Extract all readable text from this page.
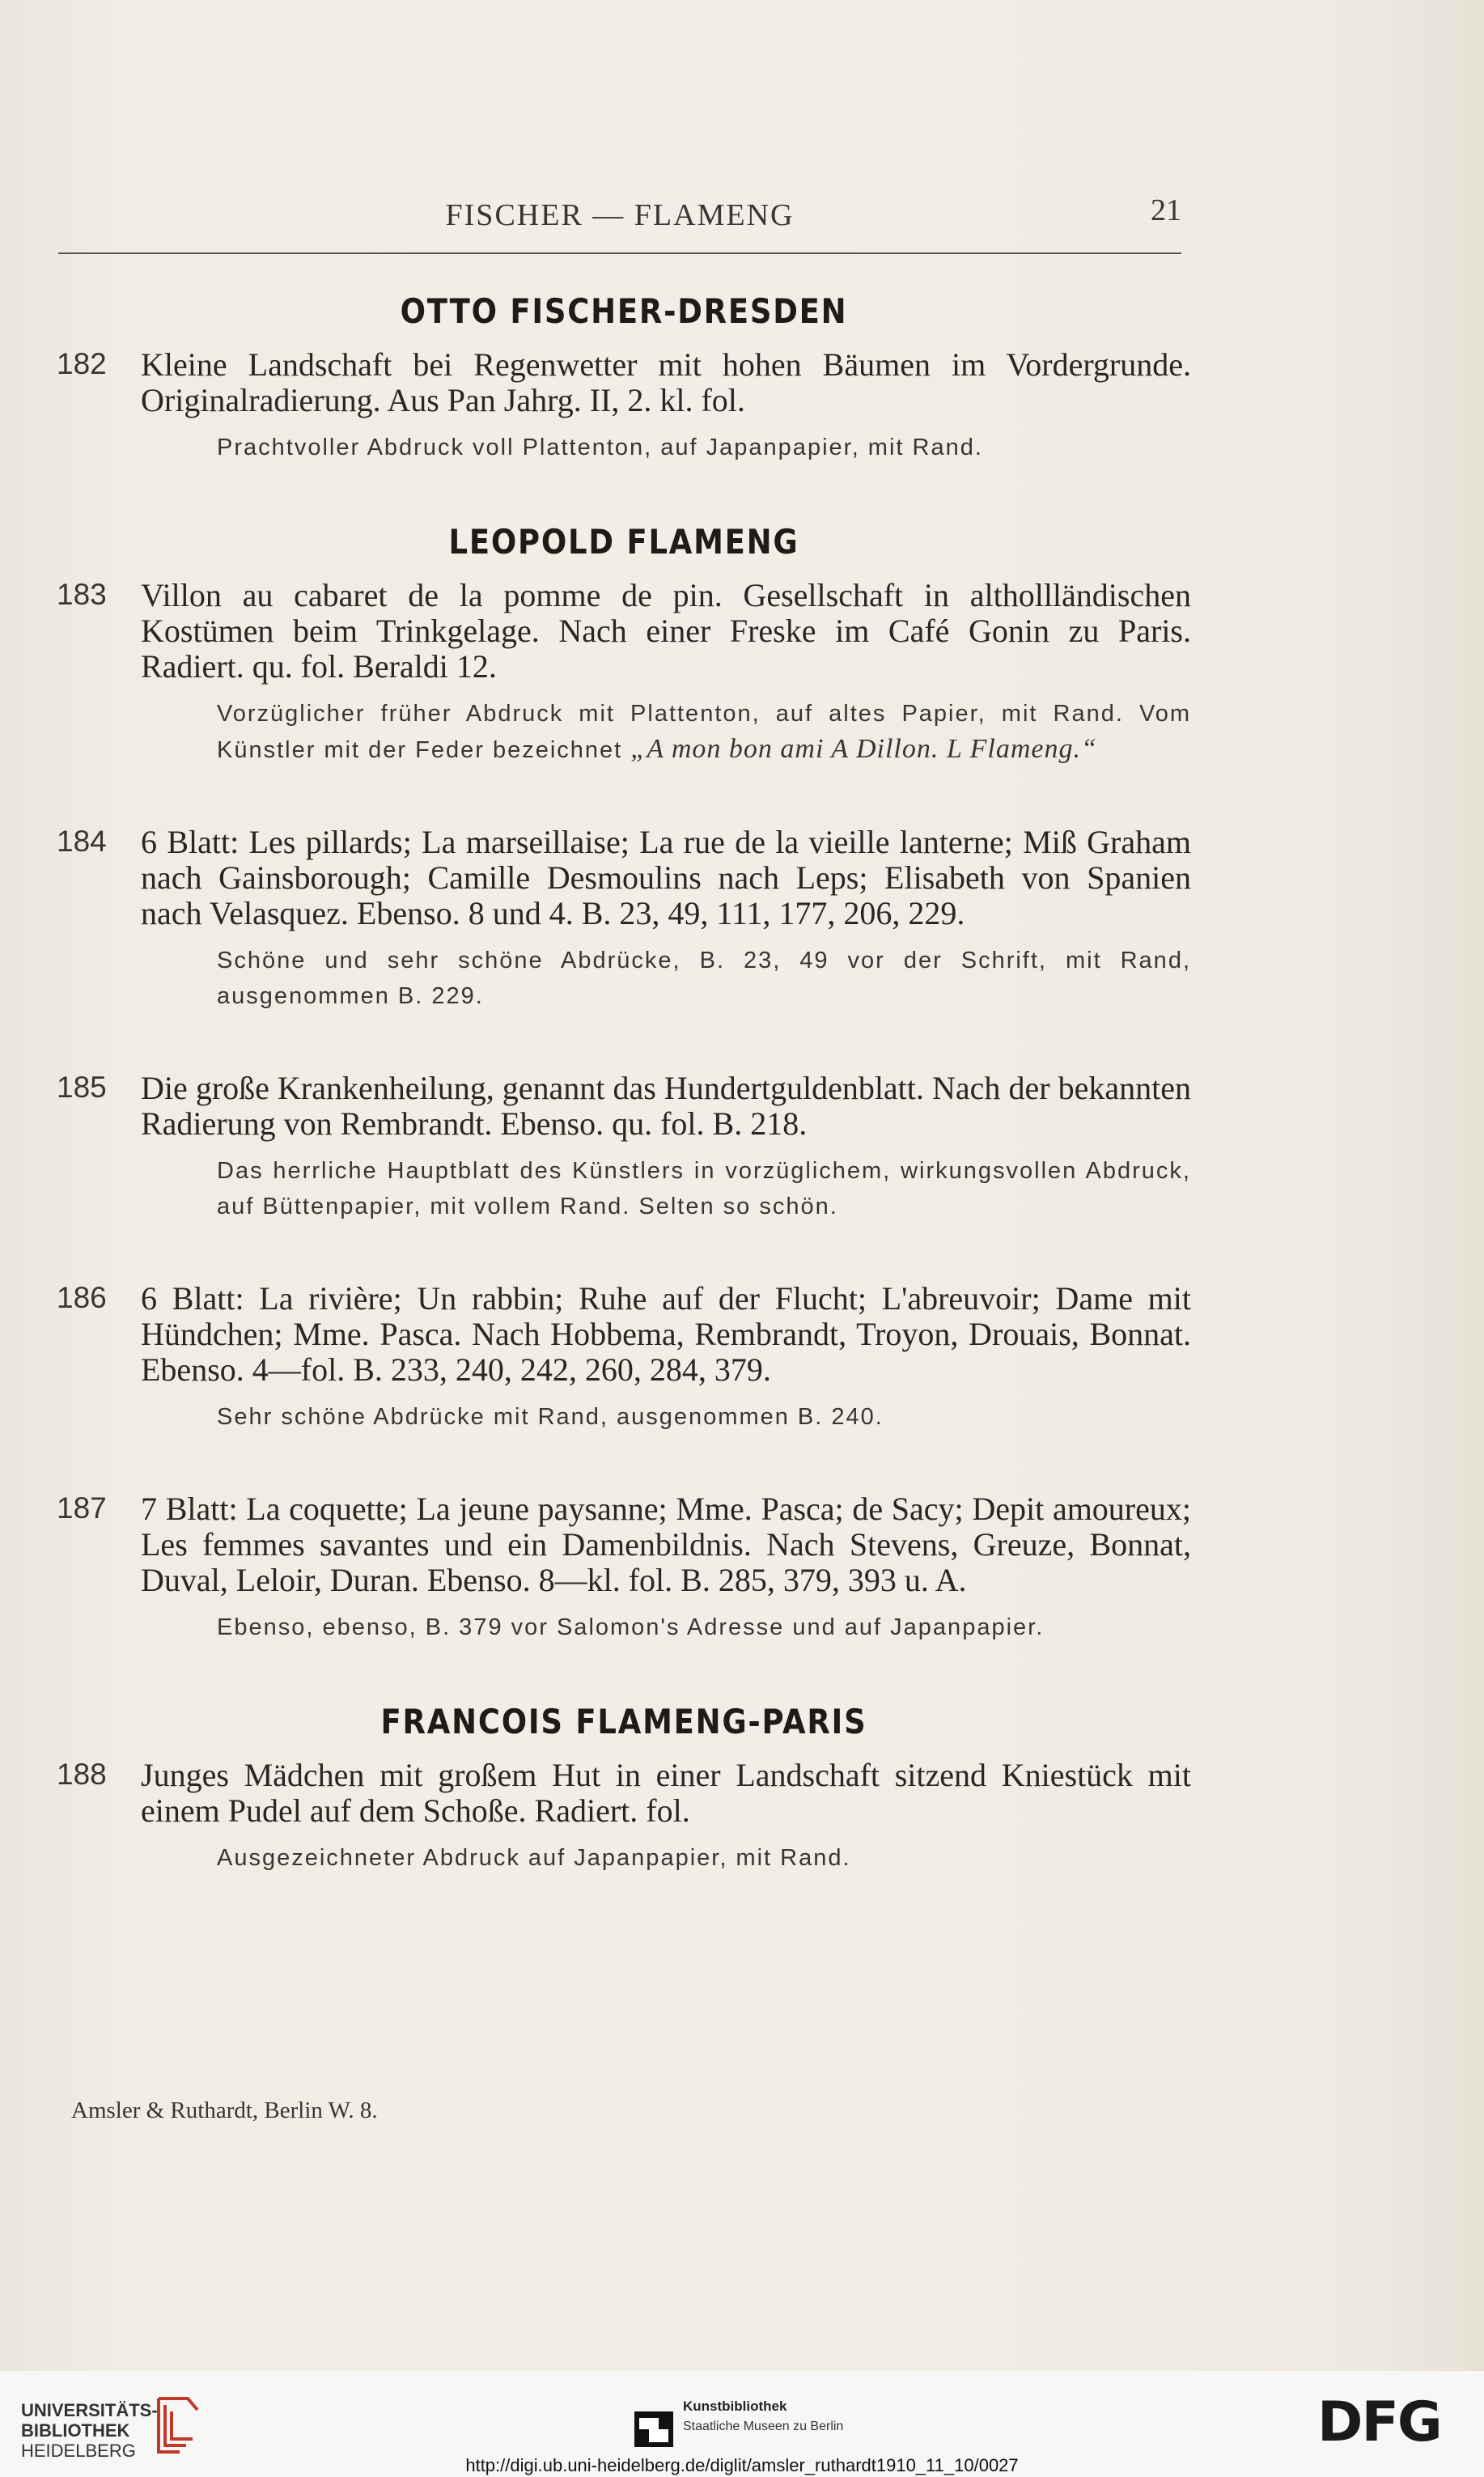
FISCHER — FLAMENG	21
OTTO FISCHER-DRESDEN
182 Kleine Landschaft bei Regenwetter mit hohen Bäumen im Vordergrunde. Originalradierung. Aus Pan Jahrg. II, 2. kl. fol.
Prachtvoller Abdruck voll Plattenton, auf Japanpapier, mit Rand.
LEOPOLD FLAMENG
183 Villon au cabaret de la pomme de pin. Gesellschaft in althollländischen Kostümen beim Trinkgelage. Nach einer Freske im Café Gonin zu Paris. Radiert. qu. fol. Beraldi 12.
Vorzüglicher früher Abdruck mit Plattenton, auf altes Papier, mit Rand. Vom Künstler mit der Feder bezeichnet „A mon bon ami A Dillon. L Flameng.“
184 6 Blatt: Les pillards; La marseillaise; La rue de la vieille lanterne; Miß Graham nach Gainsborough; Camille Desmoulins nach Leps; Elisabeth von Spanien nach Velasquez. Ebenso. 8 und 4. B. 23, 49, 111, 177, 206, 229.
Schöne und sehr schöne Abdrücke, B. 23, 49 vor der Schrift, mit Rand, ausgenommen B. 229.
185 Die große Krankenheilung, genannt das Hundertguldenblatt. Nach der bekannten Radierung von Rembrandt. Ebenso. qu. fol. B. 218.
Das herrliche Hauptblatt des Künstlers in vorzüglichem, wirkungsvollen Abdruck, auf Büttenpapier, mit vollem Rand. Selten so schön.
186 6 Blatt: La rivière; Un rabbin; Ruhe auf der Flucht; L'abreuvoir; Dame mit Hündchen; Mme. Pasca. Nach Hobbema, Rembrandt, Troyon, Drouais, Bonnat. Ebenso. 4—fol. B. 233, 240, 242, 260, 284, 379.
Sehr schöne Abdrücke mit Rand, ausgenommen B. 240.
187 7 Blatt: La coquette; La jeune paysanne; Mme. Pasca; de Sacy; Depit amoureux; Les femmes savantes und ein Damenbildnis. Nach Stevens, Greuze, Bonnat, Duval, Leloir, Duran. Ebenso. 8—kl. fol. B. 285, 379, 393 u. A.
Ebenso, ebenso, B. 379 vor Salomon's Adresse und auf Japanpapier.
FRANCOIS FLAMENG-PARIS
188 Junges Mädchen mit großem Hut in einer Landschaft sitzend Kniestück mit einem Pudel auf dem Schoße. Radiert. fol.
Ausgezeichneter Abdruck auf Japanpapier, mit Rand.
Amsler & Ruthardt, Berlin W. 8.
UNIVERSITÄTS-
BIBLIOTHEK
HEIDELBERG
Kunstbibliothek
Staatliche Museen zu Berlin	DFG
http://digi.ub.uni-heidelberg.de/diglit/amsler_ruthardt1910_11_10/0027
